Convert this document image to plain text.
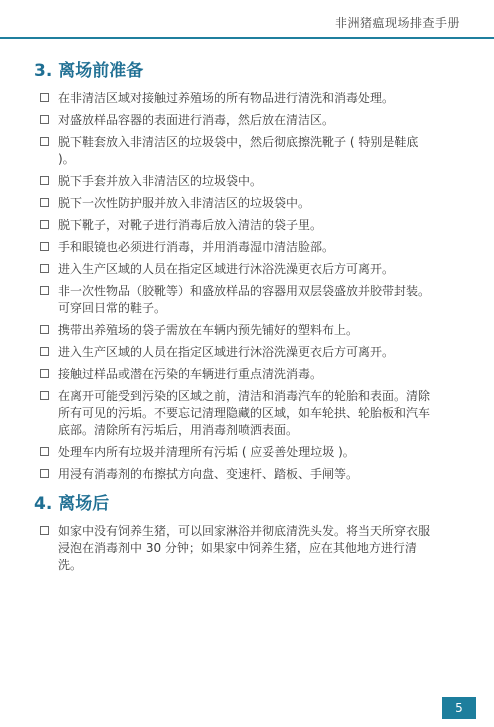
非洲猪瘟现场排查手册
3. 离场前准备
在非清洁区域对接触过养殖场的所有物品进行清洗和消毒处理。
对盛放样品容器的表面进行消毒，然后放在清洁区。
脱下鞋套放入非清洁区的垃圾袋中，然后彻底擦洗靴子 ( 特别是鞋底 )。
脱下手套并放入非清洁区的垃圾袋中。
脱下一次性防护服并放入非清洁区的垃圾袋中。
脱下靴子，对靴子进行消毒后放入清洁的袋子里。
手和眼镜也必须进行消毒，并用消毒湿巾清洁脸部。
进入生产区域的人员在指定区域进行沐浴洗澡更衣后方可离开。
非一次性物品（胶靴等）和盛放样品的容器用双层袋盛放并胶带封装。可穿回日常的鞋子。
携带出养殖场的袋子需放在车辆内预先铺好的塑料布上。
进入生产区域的人员在指定区域进行沐浴洗澡更衣后方可离开。
接触过样品或潜在污染的车辆进行重点清洗消毒。
在离开可能受到污染的区域之前，清洁和消毒汽车的轮胎和表面。清除所有可见的污垢。不要忘记清理隐藏的区域，如车轮拱、轮胎板和汽车底部。清除所有污垢后，用消毒剂喷洒表面。
处理车内所有垃圾并清理所有污垢 ( 应妥善处理垃圾 )。
用浸有消毒剂的布擦拭方向盘、变速杆、踏板、手闸等。
4. 离场后
如家中没有饲养生猪，可以回家淋浴并彻底清洗头发。将当天所穿衣服浸泡在消毒剂中 30 分钟；如果家中饲养生猪，应在其他地方进行清洗。
5
